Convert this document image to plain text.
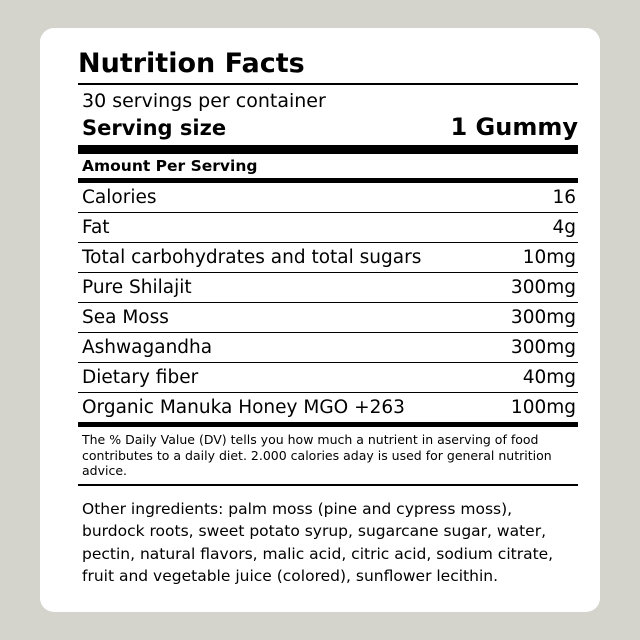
Nutrition Facts
30 servings per container
Serving size	1 Gummy
Amount Per Serving
Calories	16
Fat	4g
Total carbohydrates and total sugars	10mg
Pure Shilajit	300mg
Sea Moss	300mg
Ashwagandha	300mg
Dietary fiber	40mg
Organic Manuka Honey MGO +263	100mg
The % Daily Value (DV) tells you how much a nutrient in aserving of food contributes to a daily diet. 2.000 calories aday is used for general nutrition advice.
Other ingredients: palm moss (pine and cypress moss), burdock roots, sweet potato syrup, sugarcane sugar, water, pectin, natural flavors, malic acid, citric acid, sodium citrate, fruit and vegetable juice (colored), sunflower lecithin.
